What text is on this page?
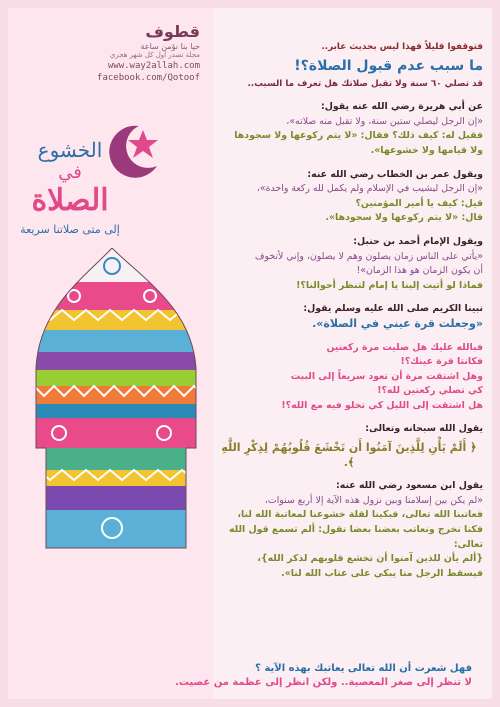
قطوف
حيا بنا نؤمن ساعة
مجلة تصدر أول كل شهر هجري
www.way2allah.com
facebook.com/Qotoof
الخشوع
في
الصلاة
إلى متى صلاتنا سريعة

فتوقفوا قليلاً فهذا ليس بحديث عابر..

ما سبب عدم قبول الصلاة؟!

قد تصلي ٦٠ سنة ولا تقبل صلاتك هل تعرف ما السبب..

عن أبي هريرة رضي الله عنه يقول:

«إن الرجل ليصلي ستين سنة، ولا تقبل منه صلاته»،

فقيل له: كيف ذلك؟ فقال: «لا يتم ركوعها ولا سجودها

ولا قيامها ولا خشوعها».

ويقول عمر بن الخطاب رضي الله عنه:

«إن الرجل ليشيب في الإسلام ولم يكمل لله ركعة واحدة»،

قيل: كيف يا أمير المؤمنين؟

قال: «لا يتم ركوعها ولا سجودها».

ويقول الإمام أحمد بن حنبل:

«يأتي على الناس زمان يصلون وهم لا يصلون، وإني لأتخوف

أن يكون الزمان هو هذا الزمان»!

فماذا لو أتيت إلينا يا إمام لتنظر أحوالنا؟!

نبينا الكريم صلى الله عليه وسلم يقول:

«وجعلت قرة عيني في الصلاة».

فبالله عليك هل صليت مرة ركعتين

فكانتا قرة عينك؟!

وهل اشتقت مرة أن تعود سريعاً إلى البيت

كي تصلي ركعتين لله؟!

هل اشتقت إلى الليل كي تخلو فيه مع الله؟!

يقول الله سبحانه وتعالى:

﴿ أَلَمْ يَأْنِ لِلَّذِينَ آمَنُوا أَن تَخْشَعَ قُلُوبُهُمْ لِذِكْرِ اللَّهِ ﴾.

يقول ابن مسعود رضي الله عنه:

«لم يكن بين إسلامنا وبين نزول هذه الآية إلا أربع سنوات،

فعاتبنا الله تعالى، فبكينا لقلة خشوعنا لمعاتبة الله لنا،

فكنا نخرج ونعاتب بعضنا بعضا نقول: ألم تسمع قول الله تعالى:

{ألم يأن للذين آمنوا أن تخشع قلوبهم لذكر الله}،

فيسقط الرجل منا يبكي على عتاب الله لنا».

فهل شعرت أن الله تعالى يعاتبك بهذه الآية ؟
لا تنظر إلى صغر المعصية.. ولكن انظر إلى عظمة من عصيت.
